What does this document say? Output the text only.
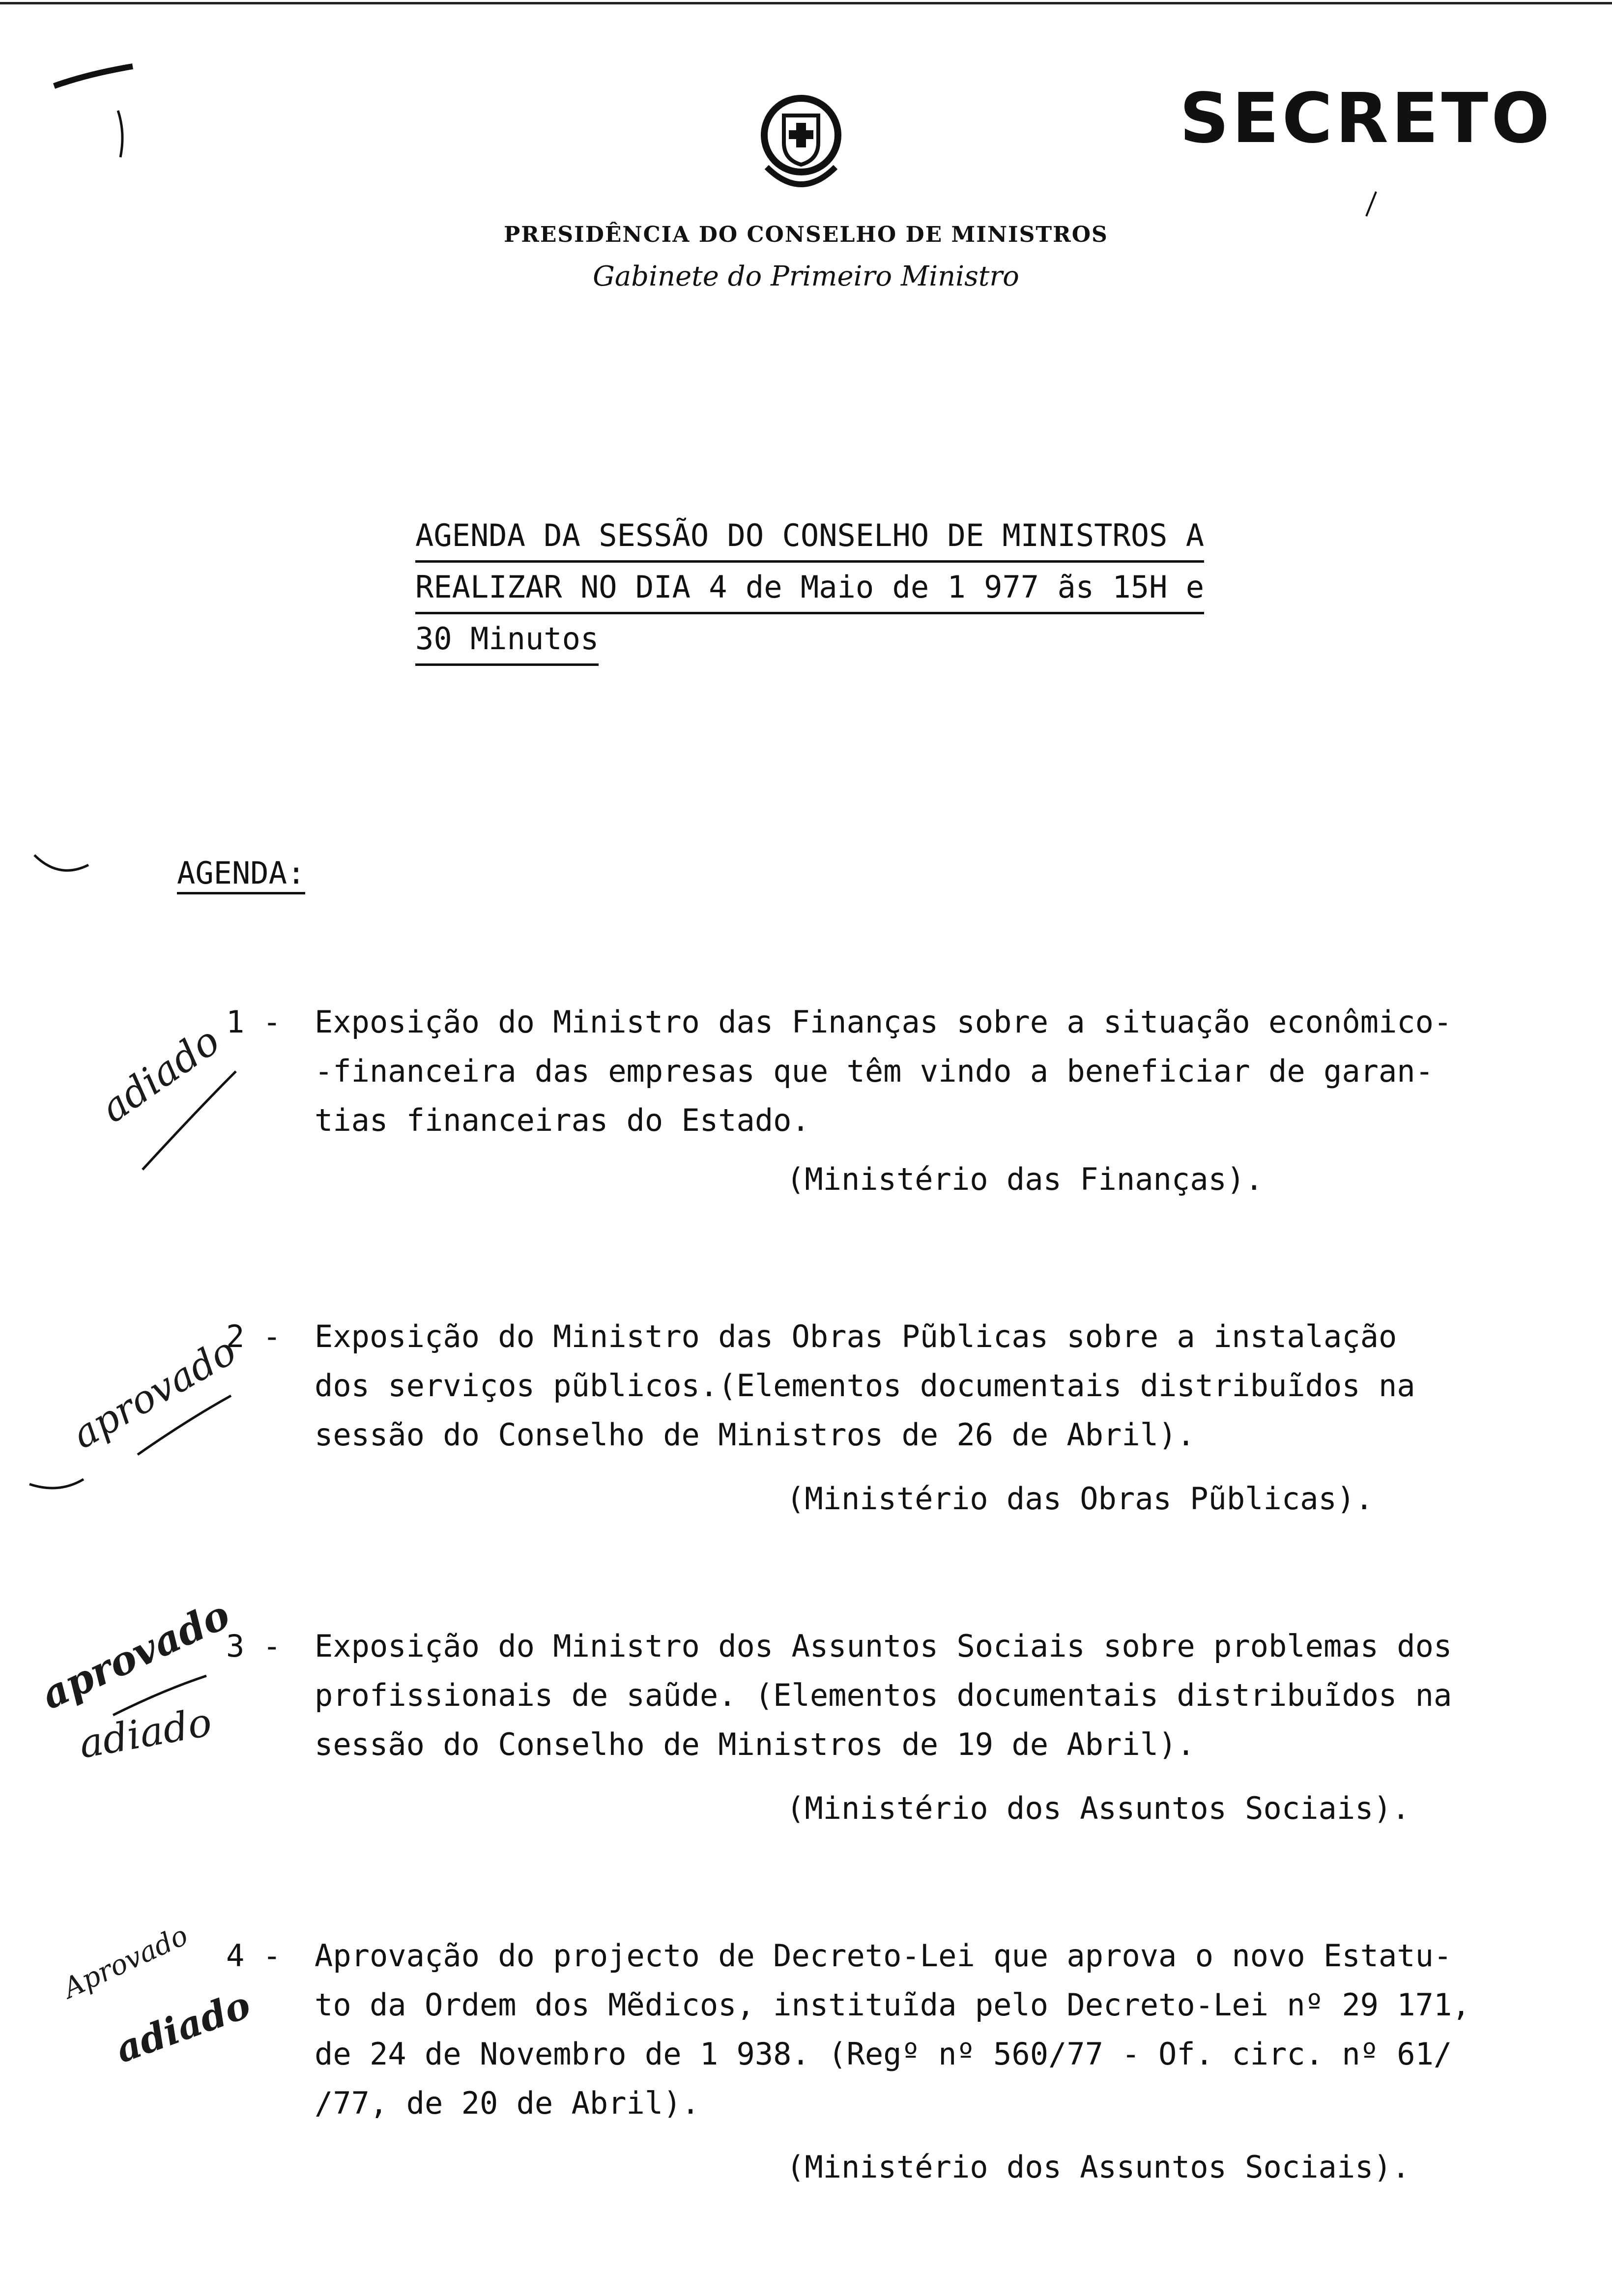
SECRETO
PRESIDÊNCIA DO CONSELHO DE MINISTROS
Gabinete do Primeiro Ministro
AGENDA DA SESSÃO DO CONSELHO DE MINISTROS A
REALIZAR NO DIA 4 de Maio de 1 977 ãs 15H e
30 Minutos
AGENDA:
1 - Exposição do Ministro das Finanças sobre a situação econômico-
-financeira das empresas que têm vindo a beneficiar de garan-
tias financeiras do Estado.
(Ministério das Finanças).
2 - Exposição do Ministro das Obras Pũblicas sobre a instalação
dos serviços pũblicos.(Elementos documentais distribuĩdos na
sessão do Conselho de Ministros de 26 de Abril).
(Ministério das Obras Pũblicas).
3 - Exposição do Ministro dos Assuntos Sociais sobre problemas dos
profissionais de saũde. (Elementos documentais distribuĩdos na
sessão do Conselho de Ministros de 19 de Abril).
(Ministério dos Assuntos Sociais).
4 - Aprovação do projecto de Decreto-Lei que aprova o novo Estatu-
to da Ordem dos Mẽdicos, instituĩda pelo Decreto-Lei nº 29 171,
de 24 de Novembro de 1 938. (Regº nº 560/77 - Of. circ. nº 61/
/77, de 20 de Abril).
(Ministério dos Assuntos Sociais).
adiado
aprovado
aprovado
adiado
Aprovado
adiado
